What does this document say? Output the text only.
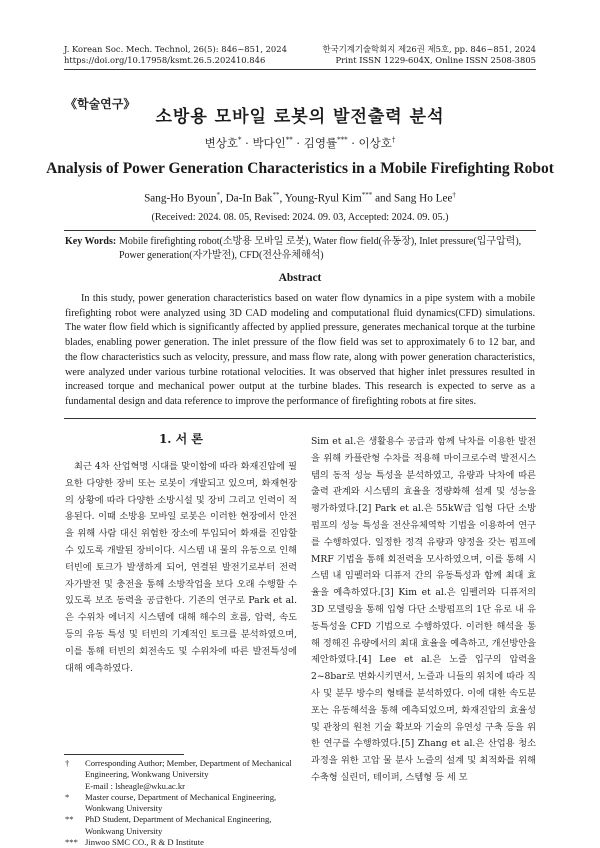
J. Korean Soc. Mech. Technol, 26(5): 846~851, 2024
https://doi.org/10.17958/ksmt.26.5.202410.846
한국기계기술학회지 제26권 제5호, pp. 846~851, 2024
Print ISSN 1229-604X, Online ISSN 2508-3805
《학술연구》
소방용 모바일 로봇의 발전출력 분석
변상호* · 박다인** · 김영률*** · 이상호†
Analysis of Power Generation Characteristics in a Mobile Firefighting Robot
Sang-Ho Byoun*, Da-In Bak**, Young-Ryul Kim*** and Sang Ho Lee†
(Received: 2024. 08. 05, Revised: 2024. 09. 03, Accepted: 2024. 09. 05.)
Key Words: Mobile firefighting robot(소방용 모바일 로봇), Water flow field(유동장), Inlet pressure(입구압력), Power generation(자가발전), CFD(전산유체해석)
Abstract
In this study, power generation characteristics based on water flow dynamics in a pipe system with a mobile firefighting robot were analyzed using 3D CAD modeling and computational fluid dynamics(CFD) simulations. The water flow field which is significantly affected by applied pressure, generates mechanical torque at the turbine blades, enabling power generation. The inlet pressure of the flow field was set to approximately 6 to 12 bar, and the flow characteristics such as velocity, pressure, and mass flow rate, along with power generation characteristics, were analyzed under various turbine rotational velocities. It was observed that higher inlet pressures resulted in increased torque and mechanical power output at the turbine blades. This research is expected to serve as a fundamental design and data reference to improve the performance of firefighting robots at fire sites.
1. 서 론
최근 4차 산업혁명 시대를 맞이함에 따라 화재진압에 필요한 다양한 장비 또는 로봇이 개발되고 있으며, 화재현장의 상황에 따라 다양한 소방시설 및 장비 그리고 인력이 적용된다. 이때 소방용 모바일 로봇은 이러한 현장에서 안전을 위해 사람 대신 위험한 장소에 투입되어 화재를 진압할 수 있도록 개발된 장비이다. 시스템 내 물의 유동으로 인해 터빈에 토크가 발생하게 되어, 연결된 발전기로부터 전력 자가발전 및 충전을 통해 소방작업을 보다 오래 수행할 수 있도록 보조 동력을 공급한다. 기존의 연구로 Park et al.은 수위차 에너지 시스템에 대해 해수의 흐름, 압력, 속도 등의 유동 특성 및 터빈의 기계적인 토크를 분석하였으며, 이를 통해 터빈의 회전속도 및 수위차에 따른 발전특성에 대해 예측하였다.
Sim et al.은 생활용수 공급과 함께 낙차를 이용한 발전을 위해 카플란형 수차를 적용해 마이크로수력 발전시스템의 동적 성능 특성을 분석하였고, 유량과 낙차에 따른 출력 관계와 시스템의 효율을 정량화해 설계 및 성능을 평가하였다.[2] Park et al.은 55kW급 입형 다단 소방펌프의 성능 특성을 전산유체역학 기법을 이용하여 연구를 수행하였다. 일정한 정격 유량과 양정을 갖는 펌프에 MRF 기법을 통해 회전력을 모사하였으며, 이를 통해 시스템 내 임펠러와 디퓨저 간의 유동특성과 함께 최대 효율을 예측하였다.[3] Kim et al.은 임펠러와 디퓨저의 3D 모델링을 통해 입형 다단 소방펌프의 1단 유로 내 유동특성을 CFD 기법으로 수행하였다. 이러한 해석을 통해 정해진 유량에서의 최대 효율을 예측하고, 개선방안을 제안하였다.[4] Lee et al.은 노즐 입구의 압력을 2~8bar로 변화시키면서, 노즐과 니들의 위치에 따라 직사 및 분무 방수의 형태를 분석하였다. 이에 대한 속도분포는 유동해석을 통해 예측되었으며, 화재진압의 효율성 및 관창의 원천 기술 확보와 기술의 유연성 구축 등을 위한 연구를 수행하였다.[5] Zhang et al.은 산업용 청소 과정을 위한 고압 물 분사 노즐의 설계 및 최적화를 위해 수축형 실린더, 테이퍼, 스템형 등 세 모
†	Corresponding Author; Member, Department of Mechanical Engineering, Wonkwang University
E-mail : lsheagle@wku.ac.kr
*	Master course, Department of Mechanical Engineering, Wonkwang University
**	PhD Student, Department of Mechanical Engineering, Wonkwang University
*** Jinwoo SMC CO., R & D Institute
